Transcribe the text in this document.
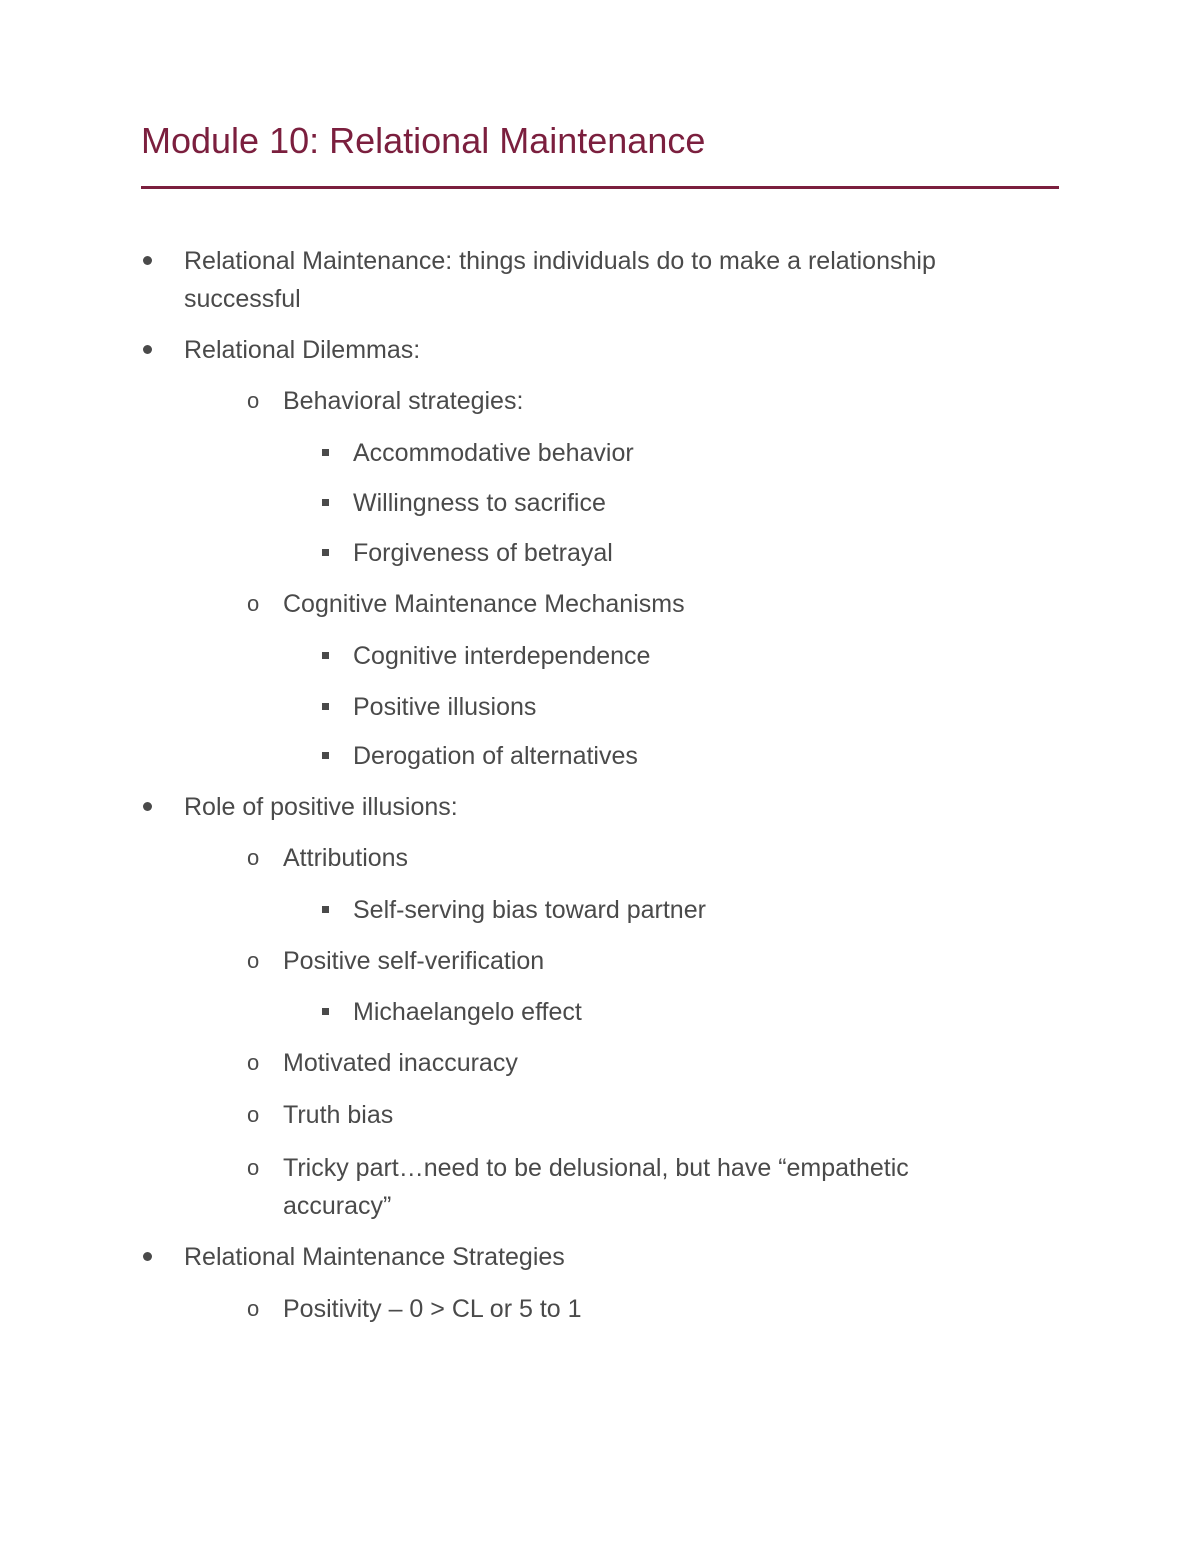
Module 10: Relational Maintenance
Relational Maintenance: things individuals do to make a relationship successful
Relational Dilemmas:
o Behavioral strategies:
Accommodative behavior
Willingness to sacrifice
Forgiveness of betrayal
o Cognitive Maintenance Mechanisms
Cognitive interdependence
Positive illusions
Derogation of alternatives
Role of positive illusions:
o Attributions
Self-serving bias toward partner
o Positive self-verification
Michaelangelo effect
o Motivated inaccuracy
o Truth bias
o Tricky part…need to be delusional, but have “empathetic accuracy”
Relational Maintenance Strategies
o Positivity – 0 > CL or 5 to 1
